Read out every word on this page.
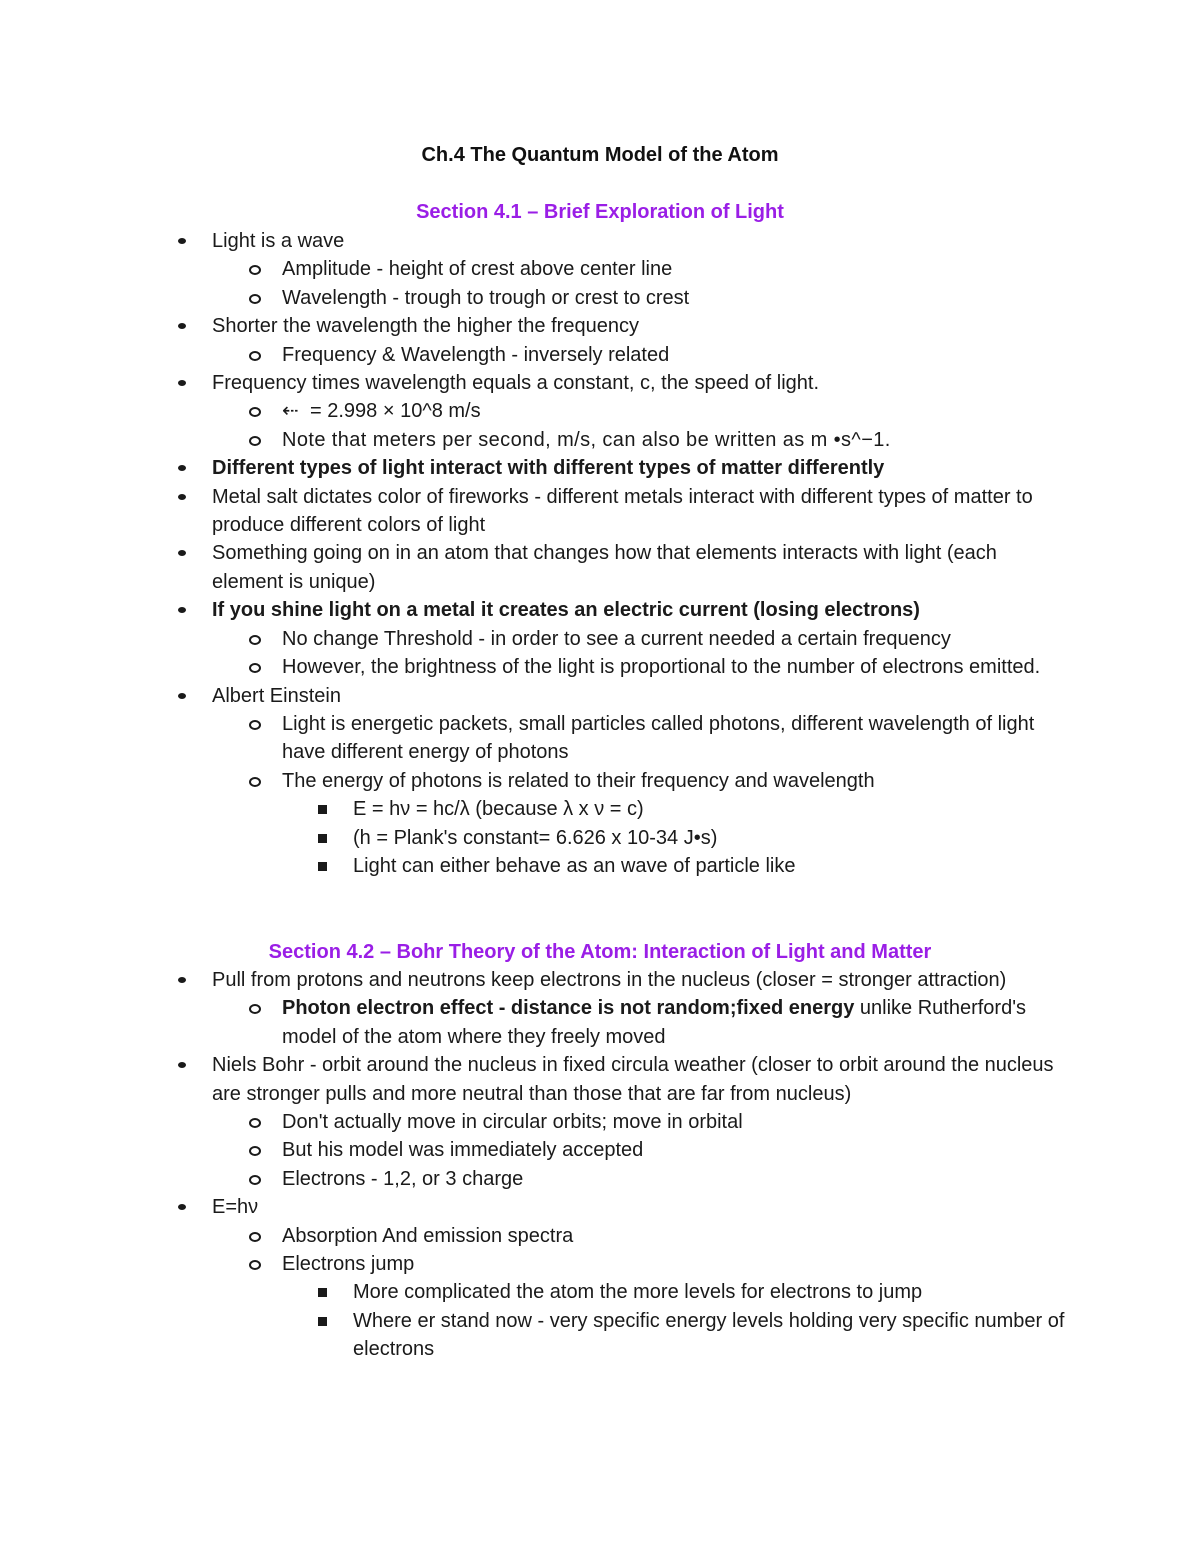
Ch.4 The Quantum Model of the Atom
Section 4.1 – Brief Exploration of Light
Light is a wave
Amplitude - height of crest above center line
Wavelength - trough to trough or crest to crest
Shorter the wavelength the higher the frequency
Frequency & Wavelength - inversely related
Frequency times wavelength equals a constant, c, the speed of light.
⇠ = 2.998 × 10^8 m/s
Note that meters per second, m/s, can also be written as m •s^−1.
Different types of light interact with different types of matter differently
Metal salt dictates color of fireworks - different metals interact with different types of matter to produce different colors of light
Something going on in an atom that changes how that elements interacts with light (each element is unique)
If you shine light on a metal it creates an electric current (losing electrons)
No change Threshold - in order to see a current needed a certain frequency
However, the brightness of the light is proportional to the number of electrons emitted.
Albert Einstein
Light is energetic packets, small particles called photons, different wavelength of light have different energy of photons
The energy of photons is related to their frequency and wavelength
E = hν = hc/λ (because λ x ν = c)
(h = Plank's constant= 6.626 x 10-34 J•s)
Light can either behave as an wave of particle like
Section 4.2 – Bohr Theory of the Atom: Interaction of Light and Matter
Pull from protons and neutrons keep electrons in the nucleus (closer = stronger attraction)
Photon electron effect - distance is not random;fixed energy unlike Rutherford's model of the atom where they freely moved
Niels Bohr - orbit around the nucleus in fixed circula weather (closer to orbit around the nucleus are stronger pulls and more neutral than those that are far from nucleus)
Don't actually move in circular orbits; move in orbital
But his model was immediately accepted
Electrons - 1,2, or 3 charge
E=hν
Absorption And emission spectra
Electrons jump
More complicated the atom the more levels for electrons to jump
Where er stand now - very specific energy levels holding very specific number of electrons
